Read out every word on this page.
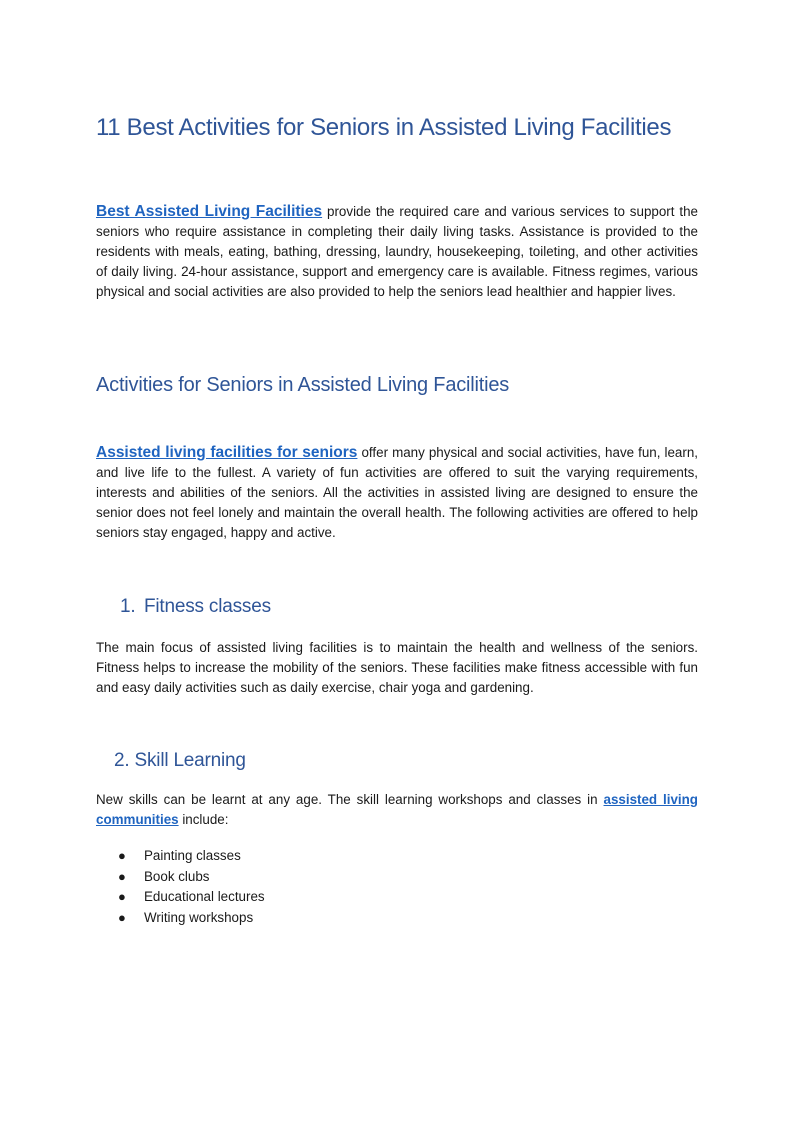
11 Best Activities for Seniors in Assisted Living Facilities

Best Assisted Living Facilities provide the required care and various services to support the seniors who require assistance in completing their daily living tasks. Assistance is provided to the residents with meals, eating, bathing, dressing, laundry, housekeeping, toileting, and other activities of daily living. 24-hour assistance, support and emergency care is available. Fitness regimes, various physical and social activities are also provided to help the seniors lead healthier and happier lives.

Activities for Seniors in Assisted Living Facilities

Assisted living facilities for seniors offer many physical and social activities, have fun, learn, and live life to the fullest. A variety of fun activities are offered to suit the varying requirements, interests and abilities of the seniors. All the activities in assisted living are designed to ensure the senior does not feel lonely and maintain the overall health. The following activities are offered to help seniors stay engaged, happy and active.

1. Fitness classes

The main focus of assisted living facilities is to maintain the health and wellness of the seniors. Fitness helps to increase the mobility of the seniors. These facilities make fitness accessible with fun and easy daily activities such as daily exercise, chair yoga and gardening.

2. Skill Learning

New skills can be learnt at any age. The skill learning workshops and classes in assisted living communities include:

● Painting classes
● Book clubs
● Educational lectures
● Writing workshops
